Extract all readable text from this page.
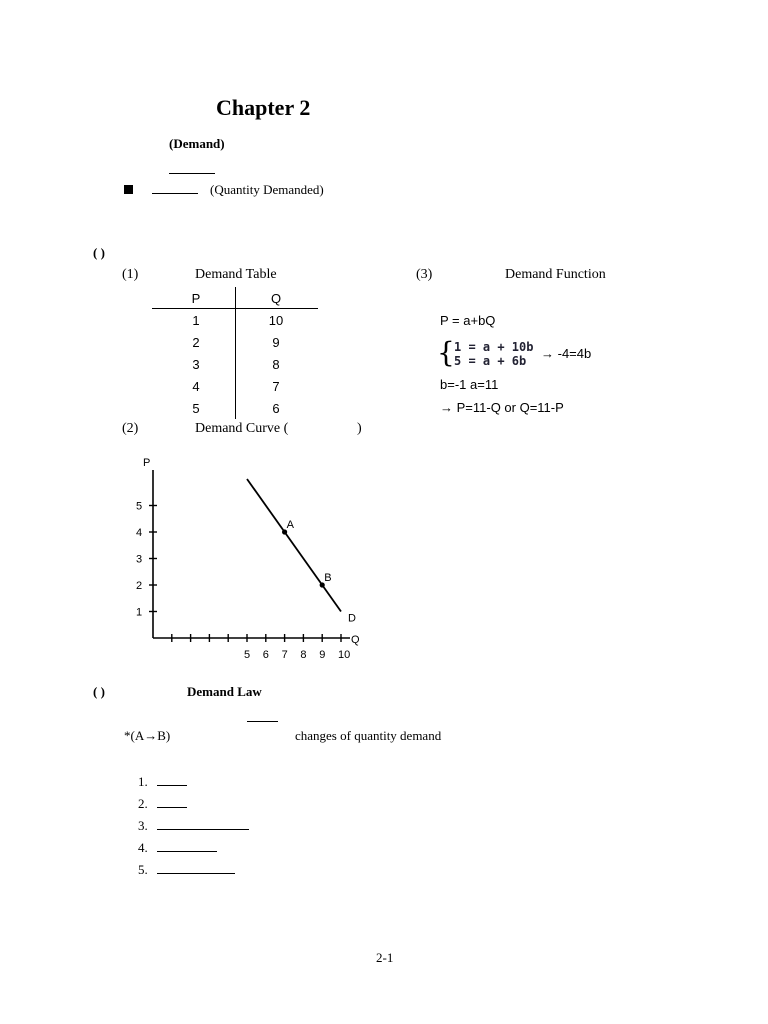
Chapter 2
(Demand)
(Quantity Demanded)
( )
(1)	Demand Table	(3)	Demand Function
P	Q
1	10
2	9
3	8
4	7
5	6
P = a+bQ
{ 1 = a + 10b
5 = a + 6b	→ -4=4b
b=-1 a=11
→ P=11-Q or Q=11-P
(2)	Demand Curve (	)
P
Q
1
2
3
4
5
5 6 7 8 9 10
D
A
B
( )	Demand Law
*(A→B)	changes of quantity demand
1.
2.
3.
4.
5.
2-1
